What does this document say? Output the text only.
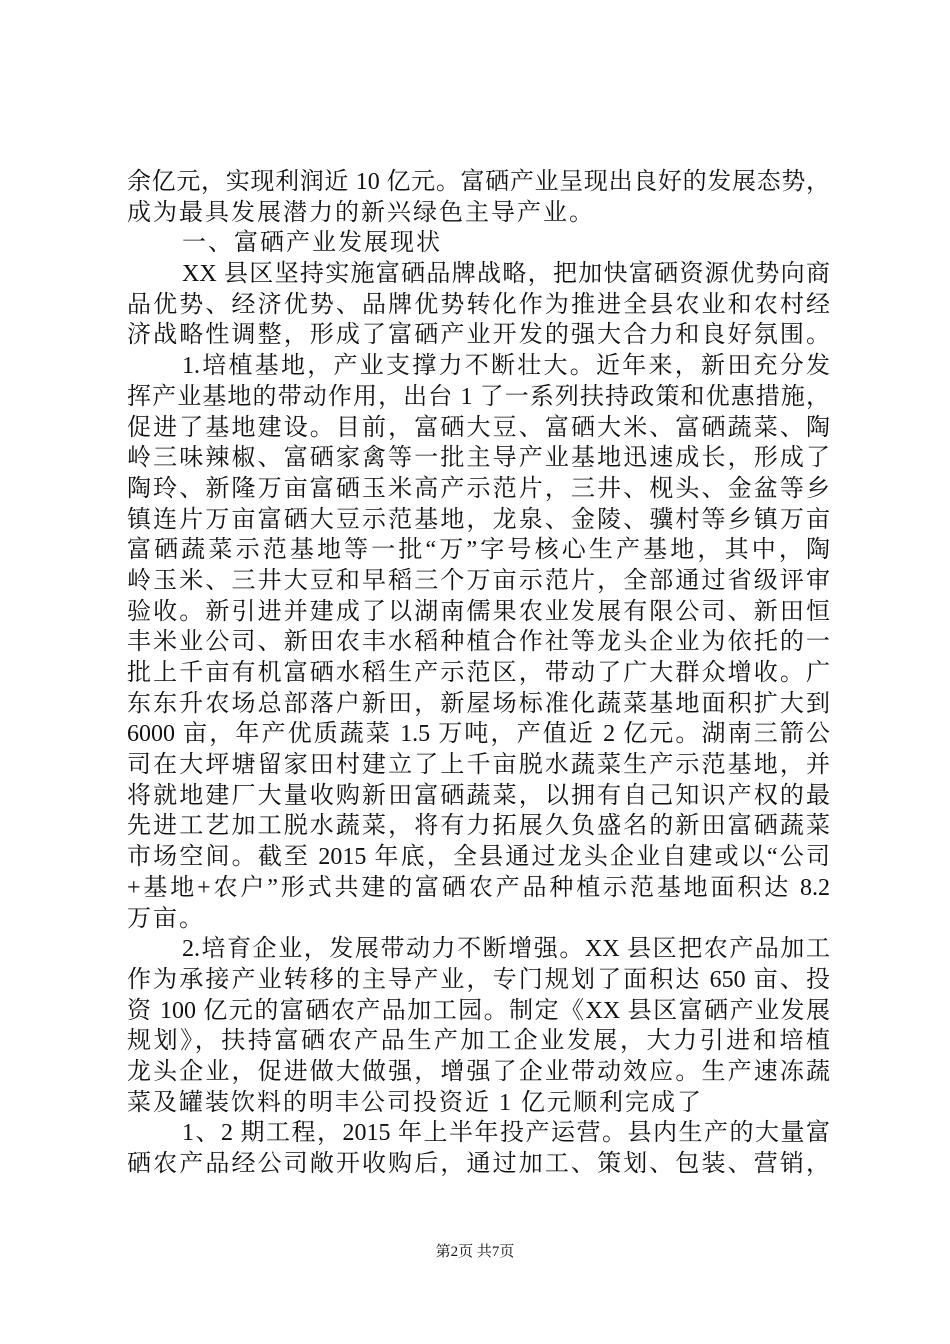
余亿元，实现利润近 10 亿元。富硒产业呈现出良好的发展态势，
成为最具发展潜力的新兴绿色主导产业。
一、富硒产业发展现状
XX 县区坚持实施富硒品牌战略，把加快富硒资源优势向商
品优势、经济优势、品牌优势转化作为推进全县农业和农村经
济战略性调整，形成了富硒产业开发的强大合力和良好氛围。
1.培植基地，产业支撑力不断壮大。近年来，新田充分发
挥产业基地的带动作用，出台 1 了一系列扶持政策和优惠措施，
促进了基地建设。目前，富硒大豆、富硒大米、富硒蔬菜、陶
岭三味辣椒、富硒家禽等一批主导产业基地迅速成长，形成了
陶玲、新隆万亩富硒玉米高产示范片，三井、枧头、金盆等乡
镇连片万亩富硒大豆示范基地，龙泉、金陵、骥村等乡镇万亩
富硒蔬菜示范基地等一批“万”字号核心生产基地，其中，陶
岭玉米、三井大豆和早稻三个万亩示范片，全部通过省级评审
验收。新引进并建成了以湖南儒果农业发展有限公司、新田恒
丰米业公司、新田农丰水稻种植合作社等龙头企业为依托的一
批上千亩有机富硒水稻生产示范区，带动了广大群众增收。广
东东升农场总部落户新田，新屋场标准化蔬菜基地面积扩大到
6000 亩，年产优质蔬菜 1.5 万吨，产值近 2 亿元。湖南三箭公
司在大坪塘留家田村建立了上千亩脱水蔬菜生产示范基地，并
将就地建厂大量收购新田富硒蔬菜，以拥有自己知识产权的最
先进工艺加工脱水蔬菜，将有力拓展久负盛名的新田富硒蔬菜
市场空间。截至 2015 年底，全县通过龙头企业自建或以“公司
+基地+农户”形式共建的富硒农产品种植示范基地面积达 8.2
万亩。
2.培育企业，发展带动力不断增强。XX 县区把农产品加工
作为承接产业转移的主导产业，专门规划了面积达 650 亩、投
资 100 亿元的富硒农产品加工园。制定《XX 县区富硒产业发展
规划》，扶持富硒农产品生产加工企业发展，大力引进和培植
龙头企业，促进做大做强，增强了企业带动效应。生产速冻蔬
菜及罐装饮料的明丰公司投资近 1 亿元顺利完成了
1、2 期工程，2015 年上半年投产运营。县内生产的大量富
硒农产品经公司敞开收购后，通过加工、策划、包装、营销，
第2页 共7页
